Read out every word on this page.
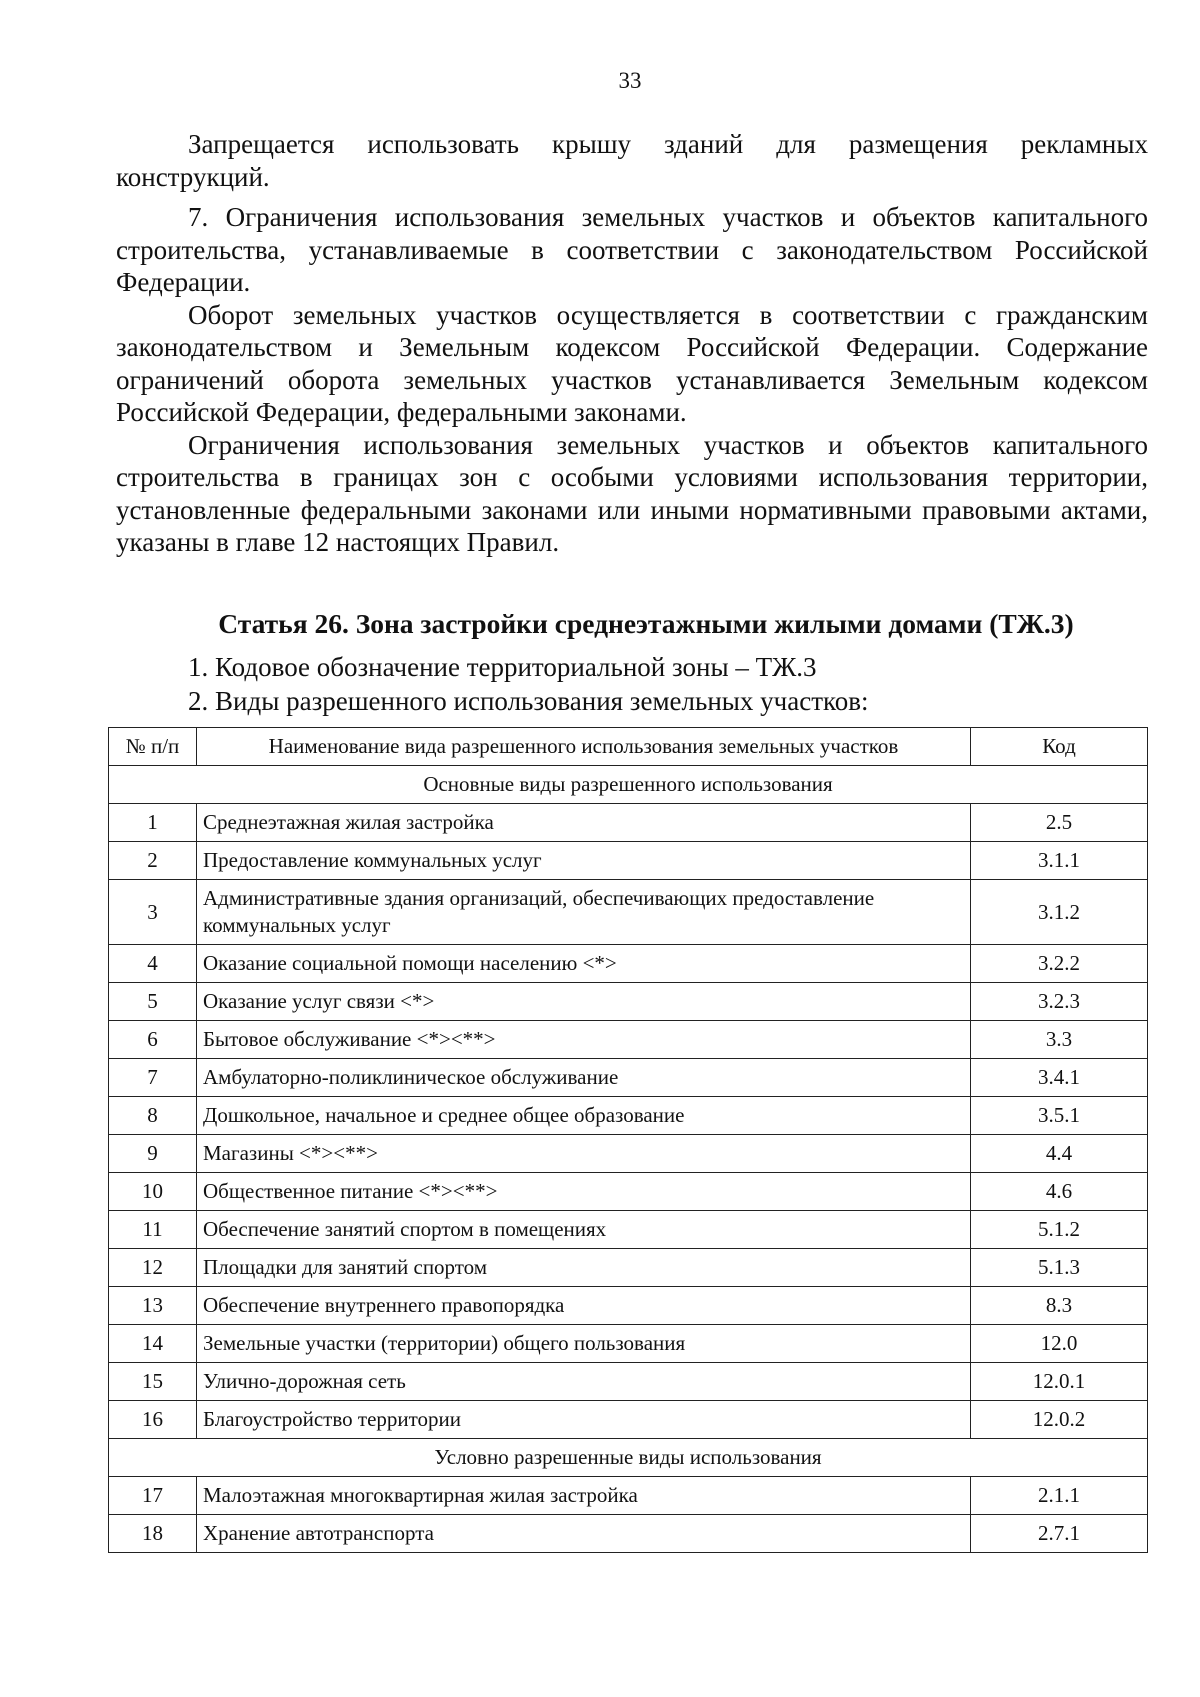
33

Запрещается использовать крышу зданий для размещения рекламных конструкций.

7. Ограничения использования земельных участков и объектов капитального строительства, устанавливаемые в соответствии с законодательством Российской Федерации.

Оборот земельных участков осуществляется в соответствии с гражданским законодательством и Земельным кодексом Российской Федерации. Содержание ограничений оборота земельных участков устанавливается Земельным кодексом Российской Федерации, федеральными законами.

Ограничения использования земельных участков и объектов капитального строительства в границах зон с особыми условиями использования территории, установленные федеральными законами или иными нормативными правовыми актами, указаны в главе 12 настоящих Правил.

Статья 26. Зона застройки среднеэтажными жилыми домами (ТЖ.3)

1. Кодовое обозначение территориальной зоны – ТЖ.3

2. Виды разрешенного использования земельных участков:

№ п/п	Наименование вида разрешенного использования земельных участков	Код
Основные виды разрешенного использования		
1	Среднеэтажная жилая застройка	2.5
2	Предоставление коммунальных услуг	3.1.1
3	Административные здания организаций, обеспечивающих предоставление коммунальных услуг	3.1.2
4	Оказание социальной помощи населению <*>	3.2.2
5	Оказание услуг связи <*>	3.2.3
6	Бытовое обслуживание <*><**>	3.3
7	Амбулаторно-поликлиническое обслуживание	3.4.1
8	Дошкольное, начальное и среднее общее образование	3.5.1
9	Магазины <*><**>	4.4
10	Общественное питание <*><**>	4.6
11	Обеспечение занятий спортом в помещениях	5.1.2
12	Площадки для занятий спортом	5.1.3
13	Обеспечение внутреннего правопорядка	8.3
14	Земельные участки (территории) общего пользования	12.0
15	Улично-дорожная сеть	12.0.1
16	Благоустройство территории	12.0.2
Условно разрешенные виды использования		
17	Малоэтажная многоквартирная жилая застройка	2.1.1
18	Хранение автотранспорта	2.7.1
